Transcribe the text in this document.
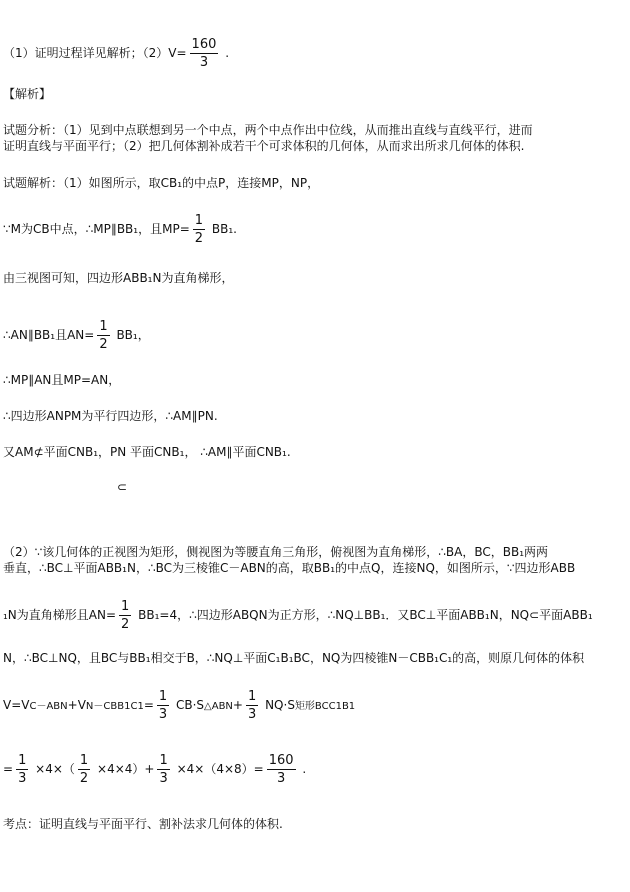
（1）证明过程详见解析；$(2)V= \frac{160}{3}$ .
【解析】
试题分析：（1）见到中点联想到另一个中点，两个中点作出中位线，从而推出直线与直线平行，进而
证明直线与平面平行；（2）把几何体割补成若干个可求体积的几何体，从而求出所求几何体的体积.
试题解析：（1）如图所示，取CB₁的中点P，连接MP，NP，
∵M为CB中点，∴MP∥BB₁，且$MP= \frac{1}{2} BB_1$.
由三视图可知，四边形ABB₁N为直角梯形，
∴AN∥BB₁且$AN= \frac{1}{2} BB_1$，
∴MP∥AN且MP=AN，
∴四边形ANPM为平行四边形，∴AM∥PN.
又AM⊄平面CNB₁，PN 平面CNB₁， ∴AM∥平面CNB₁.
⊂
（2）∵该几何体的正视图为矩形，侧视图为等腰直角三角形，俯视图为直角梯形，∴BA，BC，BB₁两两
垂直，∴BC⊥平面ABB₁N，∴BC为三棱锥C－ABN的高，取BB₁的中点Q，连接NQ，如图所示，∵四边形ABB
₁N为直角梯形且$AN= \frac{1}{2} BB_1=4$，∴四边形ABQN为正方形，∴NQ⊥BB₁．又BC⊥平面ABB₁N，NQ⊂平面ABB₁
N，∴BC⊥NQ，且BC与BB₁相交于B，∴NQ⊥平面C₁B₁BC，NQ为四棱锥N－CBB₁C₁的高，则原几何体的体积
$V=VC-ABN+VN-CBB1C1= \frac{1}{3}$ CB·S△ABN+ $\frac{1}{3} NQ\cdot S$矩形BCC1B1
= $\frac{1}{3} \times 4\times( \frac{1}{2} \times 4\times 4)+ \frac{1}{3} \times 4\times(4\times 8)= \frac{160}{3}$ .
考点：证明直线与平面平行、割补法求几何体的体积.
